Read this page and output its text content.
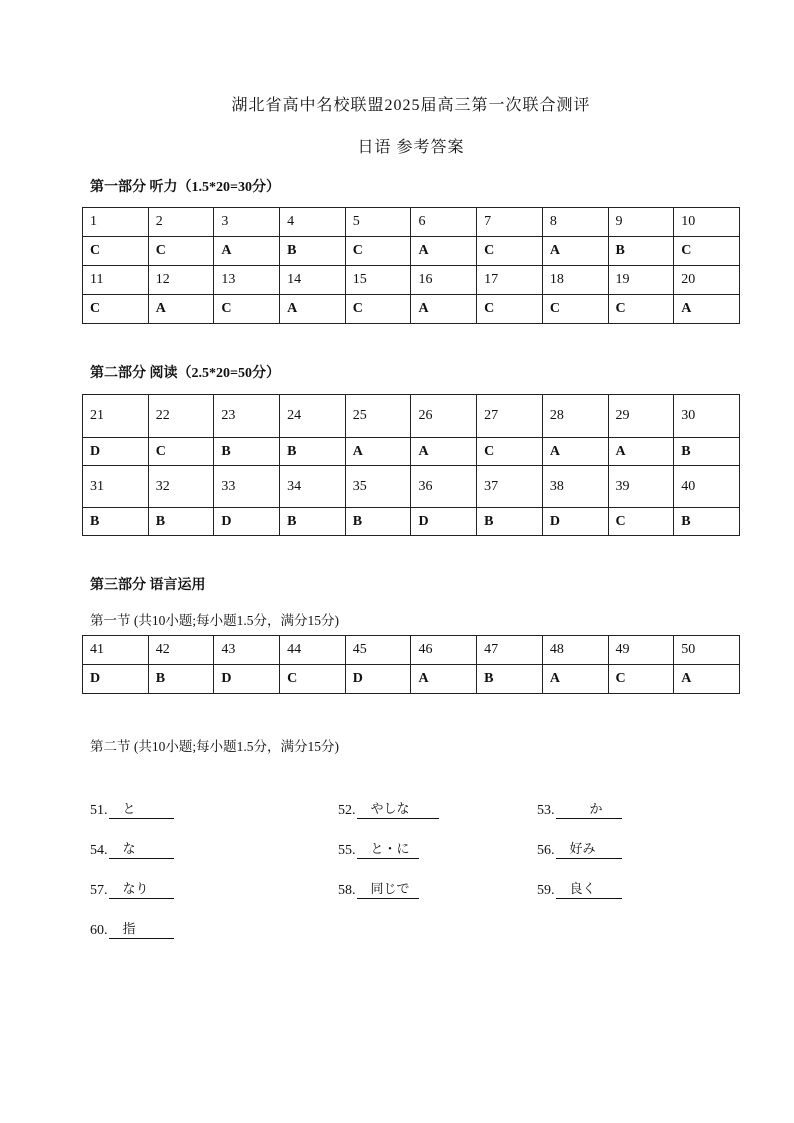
湖北省高中名校联盟2025届高三第一次联合测评
日语 参考答案
第一部分 听力（1.5*20=30分）
1	2	3	4	5	6	7	8	9	10
C	C	A	B	C	A	C	A	B	C
11	12	13	14	15	16	17	18	19	20
C	A	C	A	C	A	C	C	C	A
第二部分 阅读（2.5*20=50分）
21	22	23	24	25	26	27	28	29	30
D	C	B	B	A	A	C	A	A	B
31	32	33	34	35	36	37	38	39	40
B	B	D	B	B	D	B	D	C	B
第三部分 语言运用
第一节 (共10小题;每小题1.5分，满分15分)
41	42	43	44	45	46	47	48	49	50
D	B	D	C	D	A	B	A	C	A
第二节 (共10小题;每小题1.5分，满分15分)
51.	と	52.	やしな	53.	か
54.	な	55.	と・に	56.	好み
57.	なり	58.	同じで	59.	良く
60.	指
